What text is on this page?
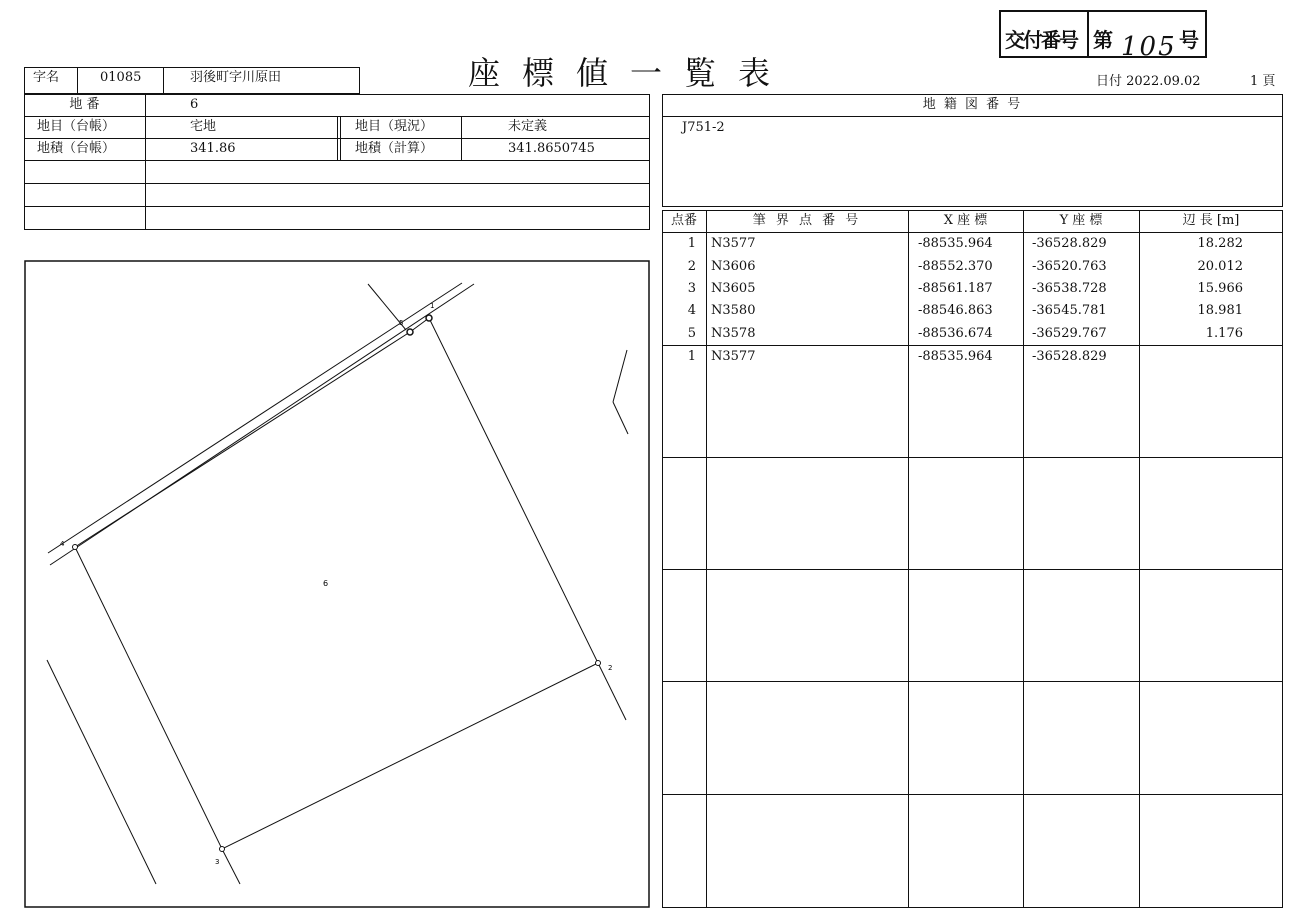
交付番号 第 105 号
座標値一覧表	日付 2022.09.02	1 頁
字名	01085	羽後町字川原田
地 番	6
地目（台帳）	宅地	地目（現況）	未定義
地積（台帳）	341.86	地積（計算）	341.8650745
地 籍 図 番 号
J751-2
点番	筆 界 点 番 号	X 座 標	Y 座 標	辺 長 [m]
1 N3577	-88535.964	-36528.829	18.282
2 N3606	-88552.370	-36520.763	20.012
3 N3605	-88561.187	-36538.728	15.966
4 N3580	-88546.863	-36545.781	18.981
5 N3578	-88536.674	-36529.767	1.176
1 N3577	-88535.964	-36528.829
1
2
3
4
5
6
